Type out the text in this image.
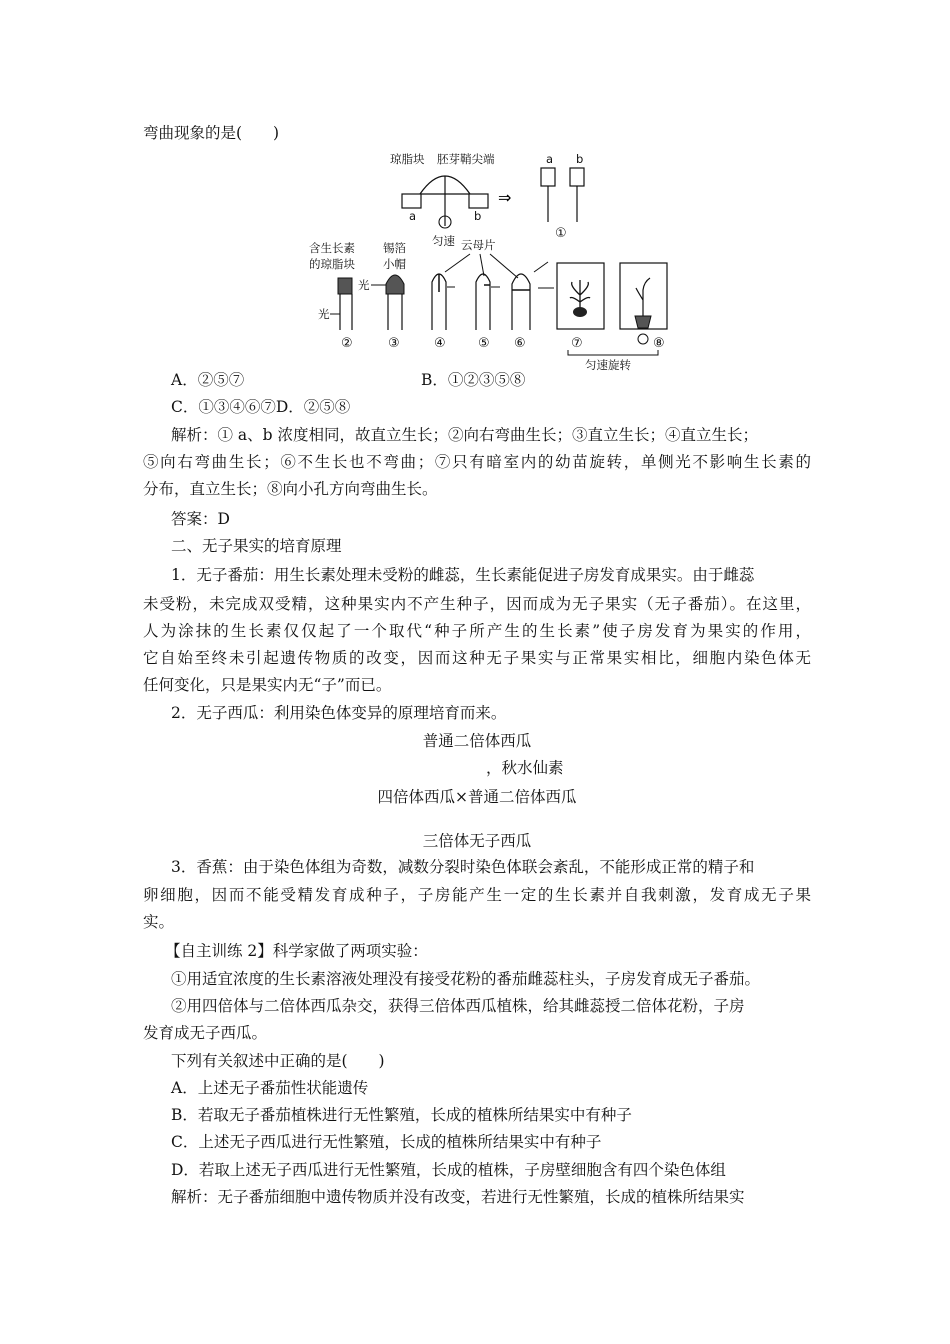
弯曲现象的是(　　)
琼脂块 胚芽鞘尖端
a	b
匀速
⇒
a b
①
云母片
含生长素
的琼脂块
光
②
锡箔
小帽
光
③	④ ⑤ ⑥	⑦	⑧
匀速旋转
A．②⑤⑦	B．①②③⑤⑧
C．①③④⑥⑦D．②⑤⑧
解析：① a、b 浓度相同，故直立生长；②向右弯曲生长；③直立生长；④直立生长；
⑤向右弯曲生长；⑥不生长也不弯曲；⑦只有暗室内的幼苗旋转，单侧光不影响生长素的
分布，直立生长；⑧向小孔方向弯曲生长。
答案：D
二、无子果实的培育原理
1．无子番茄：用生长素处理未受粉的雌蕊，生长素能促进子房发育成果实。由于雌蕊
未受粉，未完成双受精，这种果实内不产生种子，因而成为无子果实（无子番茄）。在这里，
人为涂抹的生长素仅仅起了一个取代“种子所产生的生长素”使子房发育为果实的作用，
它自始至终未引起遗传物质的改变，因而这种无子果实与正常果实相比，细胞内染色体无
任何变化，只是果实内无“子”而已。
2．无子西瓜：利用染色体变异的原理培育而来。
普通二倍体西瓜
，秋水仙素
四倍体西瓜×普通二倍体西瓜
三倍体无子西瓜
3．香蕉：由于染色体组为奇数，减数分裂时染色体联会紊乱，不能形成正常的精子和
卵细胞，因而不能受精发育成种子，子房能产生一定的生长素并自我刺激，发育成无子果
实。
【自主训练 2】科学家做了两项实验：
①用适宜浓度的生长素溶液处理没有接受花粉的番茄雌蕊柱头，子房发育成无子番茄。
②用四倍体与二倍体西瓜杂交，获得三倍体西瓜植株，给其雌蕊授二倍体花粉，子房
发育成无子西瓜。
下列有关叙述中正确的是(　　)
A．上述无子番茄性状能遗传
B．若取无子番茄植株进行无性繁殖，长成的植株所结果实中有种子
C．上述无子西瓜进行无性繁殖，长成的植株所结果实中有种子
D．若取上述无子西瓜进行无性繁殖，长成的植株，子房壁细胞含有四个染色体组
解析：无子番茄细胞中遗传物质并没有改变，若进行无性繁殖，长成的植株所结果实
